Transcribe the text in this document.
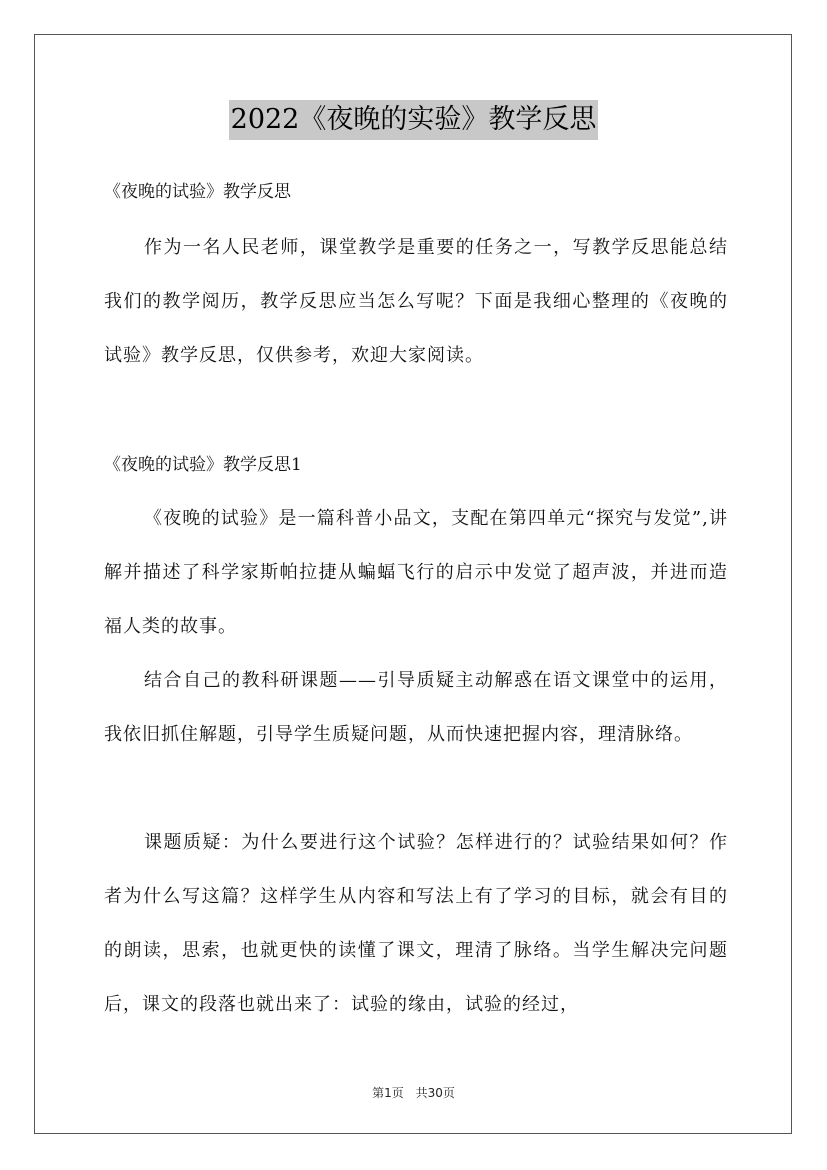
2022《夜晚的实验》教学反思
《夜晚的试验》教学反思

作为一名人民老师，课堂教学是重要的任务之一，写教学反思能总结我们的教学阅历，教学反思应当怎么写呢？下面是我细心整理的《夜晚的试验》教学反思，仅供参考，欢迎大家阅读。

《夜晚的试验》教学反思1

《夜晚的试验》是一篇科普小品文，支配在第四单元“探究与发觉”,讲解并描述了科学家斯帕拉捷从蝙蝠飞行的启示中发觉了超声波，并进而造福人类的故事。

结合自己的教科研课题——引导质疑主动解惑在语文课堂中的运用，我依旧抓住解题，引导学生质疑问题，从而快速把握内容，理清脉络。

课题质疑：为什么要进行这个试验？怎样进行的？试验结果如何？作者为什么写这篇？这样学生从内容和写法上有了学习的目标，就会有目的的朗读，思索，也就更快的读懂了课文，理清了脉络。当学生解决完问题后，课文的段落也就出来了：试验的缘由，试验的经过，

第1页 共30页
